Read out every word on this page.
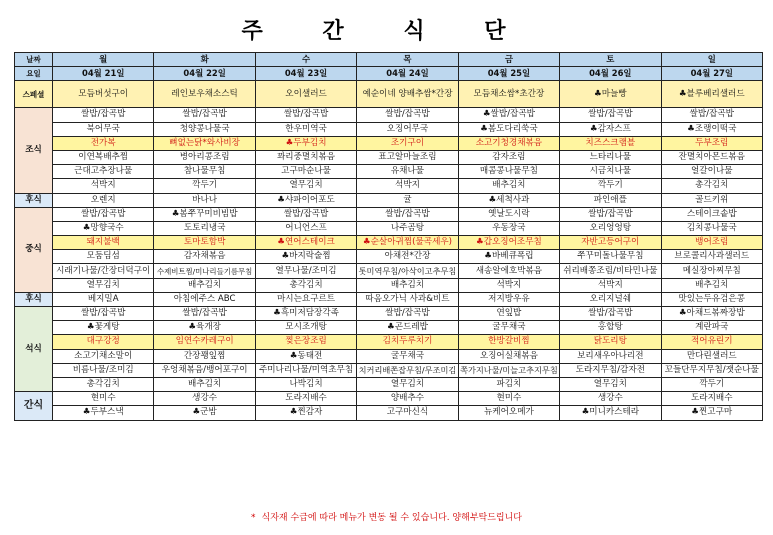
주 간 식 단
날짜	월	화	수	목	금	토	일
요일	04월 21일	04월 22일	04월 23일	04월 24일	04월 25일	04월 26일	04월 27일
스페셜	모듬버섯구이	레인보우채소스틱	오이샐러드	예순이네 양배추쌈*간장	모듬채소쌈*초간장	♣마늘빵	♣블루베리샐러드
조식	쌀밥/잡곡밥	쌀밥/잡곡밥	쌀밥/잡곡밥	쌀밥/잡곡밥	♣쌀밥/잡곡밥	쌀밥/잡곡밥	쌀밥/잡곡밥
	북어무국	청양콩나물국	한우미역국	오징어무국	♣봄도다리쑥국	♣감자스프	♣조랭이떡국
	전가복	뼈없는닭*와사비장	♣두부김치	조기구이	소고기청경채볶음	치즈스크램블	두부조림
	이연복배추찜	병아리콩조림	꽈리중멸치볶음	표고알마늘조림	감자조림	느타리나물	잔멸치아몬드볶음
	근대고추장나물	참나물무침	고구마순나물	유채나물	매콤콩나물무침	시금치나물	얼갈이나물
	석박지	깍두기	열무김치	석박지	배추김치	깍두기	총각김치
후식	오렌지	바나나	♣샤파이어포도	귤	♣세척사과	파인애플	골드키위
중식	쌀밥/잡곡밥	♣봄쭈꾸미비빔밥	쌀밥/잡곡밥	쌀밥/잡곡밥	옛날도시락	쌀밥/잡곡밥	스테이크솥밥
	♣망향국수	도토리냉국	어니언스프	나주곰탕	우동장국	오리엉엉탕	김치콩나물국
	돼지불백	토마토함박	♣연어스테이크	♣순살아귀찜(물곡세우)	♣갑오징어조무침	자반고등어구이	뱅어조림
	모둠딤섬	감자채볶음	♣바지락술찜	아채전*간장	♣바베큐폭립	쭈꾸미돌나물무침	브로콜리사과샐러드
	시래기나물/간장더덕구이	수제비트찜/미나리들기름무침	열무나물/조미김	톳미역무침/아삭이고추무침	새송알에호박볶음	쉬리배쫑조림/비타민나물	메실장아찌무침
	열무김치	배추김치	총각김치	배추김치	석박지	석박지	배추김치
후식	베지밀A	아침에주스 ABC	마시는요구르트	따옴오가닉 사과&비트	저지방우유	오리지널쉐	맛있는두유검은콩
석식	쌀밥/잡곡밥	쌀밥/잡곡밥	♣흑미저담장각족	쌀밥/잡곡밥	연잎밥	쌀밥/잡곡밥	♣아채드볶짜장밥
	♣꽃게탕	♣육개장	모시조개탕	♣곤드레밥	굴무채국	홍합탕	계란파국
	대구강정	임연수카레구이	찢은장조림	김치두루치기	한방갈비찜	닭도리탕	적어유린기
	소고기채소말이	간장꽹잎찜	♣동태전	굴무채국	오징어실채볶음	보리새우아나리전	만다린샐러드
	비름나물/조미김	우엉채볶음/뱅어포구이	주미나리나물/미역초무침	치커리배쫀잡무침/무조미김	쪽가지나물/미늘고추지무침	도라지무침/감자전	꼬들단무지무침/잿순나물
	총각김치	배추김치	나박김치	열무김치	파김치	열무김치	깍두기
간식	현미수	생강수	도라지배수	양배추수	현미수	생강수	도라지배수
	♣두부스낵	♣군밤	♣찐감자	고구마신식	뉴케어오메가	♣미니카스테라	♣찐고구마
* 식자재 수급에 따라 메뉴가 변동 될 수 있습니다. 양해부탁드립니다
